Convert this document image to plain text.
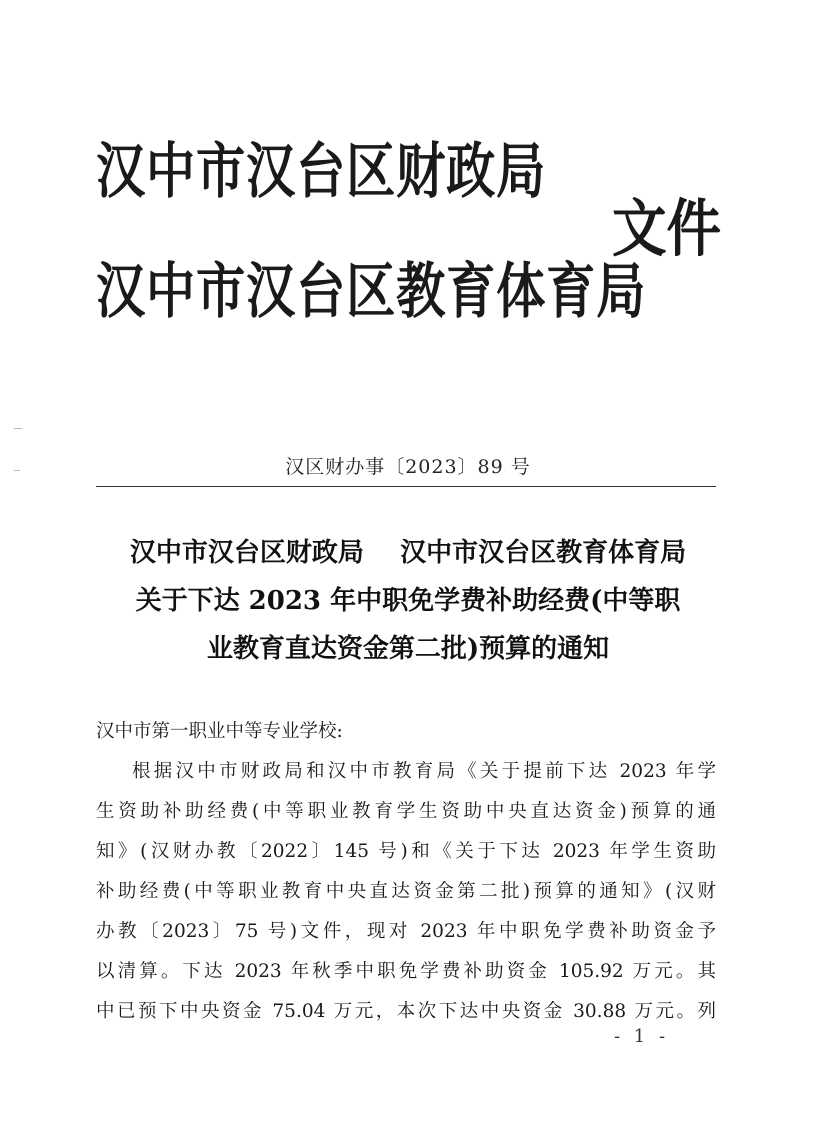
汉中市汉台区财政局
汉中市汉台区教育体育局
文件
汉区财办事〔2023〕89 号
汉中市汉台区财政局    汉中市汉台区教育体育局
关于下达 2023 年中职免学费补助经费(中等职
业教育直达资金第二批)预算的通知
汉中市第一职业中等专业学校:
根据汉中市财政局和汉中市教育局《关于提前下达 2023 年学
生资助补助经费(中等职业教育学生资助中央直达资金)预算的通
知》(汉财办教〔2022〕145 号)和《关于下达 2023 年学生资助
补助经费(中等职业教育中央直达资金第二批)预算的通知》(汉财
办教〔2023〕75 号)文件，现对 2023 年中职免学费补助资金予
以清算。下达 2023 年秋季中职免学费补助资金 105.92 万元。其
中已预下中央资金 75.04 万元，本次下达中央资金 30.88 万元。列
- 1 -
